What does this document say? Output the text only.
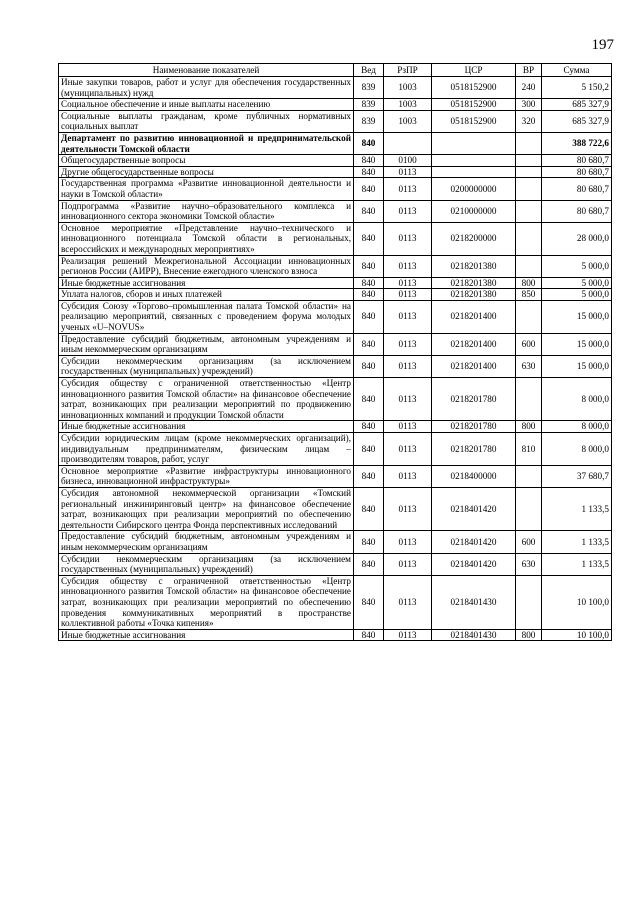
197
Наименование показателей	Вед	РзПР	ЦСР	ВР	Сумма
Иные закупки товаров, работ и услуг для обеспечения государственных (муниципальных) нужд	839	1003	0518152900	240	5 150,2
Социальное обеспечение и иные выплаты населению	839	1003	0518152900	300	685 327,9
Социальные выплаты гражданам, кроме публичных нормативных социальных выплат	839	1003	0518152900	320	685 327,9
Департамент по развитию инновационной и предпринимательской деятельности Томской области	840				388 722,6
Общегосударственные вопросы	840	0100			80 680,7
Другие общегосударственные вопросы	840	0113			80 680,7
Государственная программа «Развитие инновационной деятельности и науки в Томской области»	840	0113	0200000000		80 680,7
Подпрограмма «Развитие научно–образовательного комплекса и инновационного сектора экономики Томской области»	840	0113	0210000000		80 680,7
Основное мероприятие «Представление научно–технического и инновационного потенциала Томской области в региональных, всероссийских и международных мероприятиях»	840	0113	0218200000		28 000,0
Реализация решений Межрегиональной Ассоциации инновационных регионов России (АИРР), Внесение ежегодного членского взноса	840	0113	0218201380		5 000,0
Иные бюджетные ассигнования	840	0113	0218201380	800	5 000,0
Уплата налогов, сборов и иных платежей	840	0113	0218201380	850	5 000,0
Субсидия Союзу «Торгово–промышленная палата Томской области» на реализацию мероприятий, связанных с проведением форума молодых ученых «U–NOVUS»	840	0113	0218201400		15 000,0
Предоставление субсидий бюджетным, автономным учреждениям и иным некоммерческим организациям	840	0113	0218201400	600	15 000,0
Субсидии некоммерческим организациям (за исключением государственных (муниципальных) учреждений)	840	0113	0218201400	630	15 000,0
Субсидия обществу с ограниченной ответственностью «Центр инновационного развития Томской области» на финансовое обеспечение затрат, возникающих при реализации мероприятий по продвижению инновационных компаний и продукции Томской области	840	0113	0218201780		8 000,0
Иные бюджетные ассигнования	840	0113	0218201780	800	8 000,0
Субсидии юридическим лицам (кроме некоммерческих организаций), индивидуальным предпринимателям, физическим лицам – производителям товаров, работ, услуг	840	0113	0218201780	810	8 000,0
Основное мероприятие «Развитие инфраструктуры инновационного бизнеса, инновационной инфраструктуры»	840	0113	0218400000		37 680,7
Субсидия автономной некоммерческой организации «Томский региональный инжиниринговый центр» на финансовое обеспечение затрат, возникающих при реализации мероприятий по обеспечению деятельности Сибирского центра Фонда перспективных исследований	840	0113	0218401420		1 133,5
Предоставление субсидий бюджетным, автономным учреждениям и иным некоммерческим организациям	840	0113	0218401420	600	1 133,5
Субсидии некоммерческим организациям (за исключением государственных (муниципальных) учреждений)	840	0113	0218401420	630	1 133,5
Субсидия обществу с ограниченной ответственностью «Центр инновационного развития Томской области» на финансовое обеспечение затрат, возникающих при реализации мероприятий по обеспечению проведения коммуникативных мероприятий в пространстве коллективной работы «Точка кипения»	840	0113	0218401430		10 100,0
Иные бюджетные ассигнования	840	0113	0218401430	800	10 100,0
